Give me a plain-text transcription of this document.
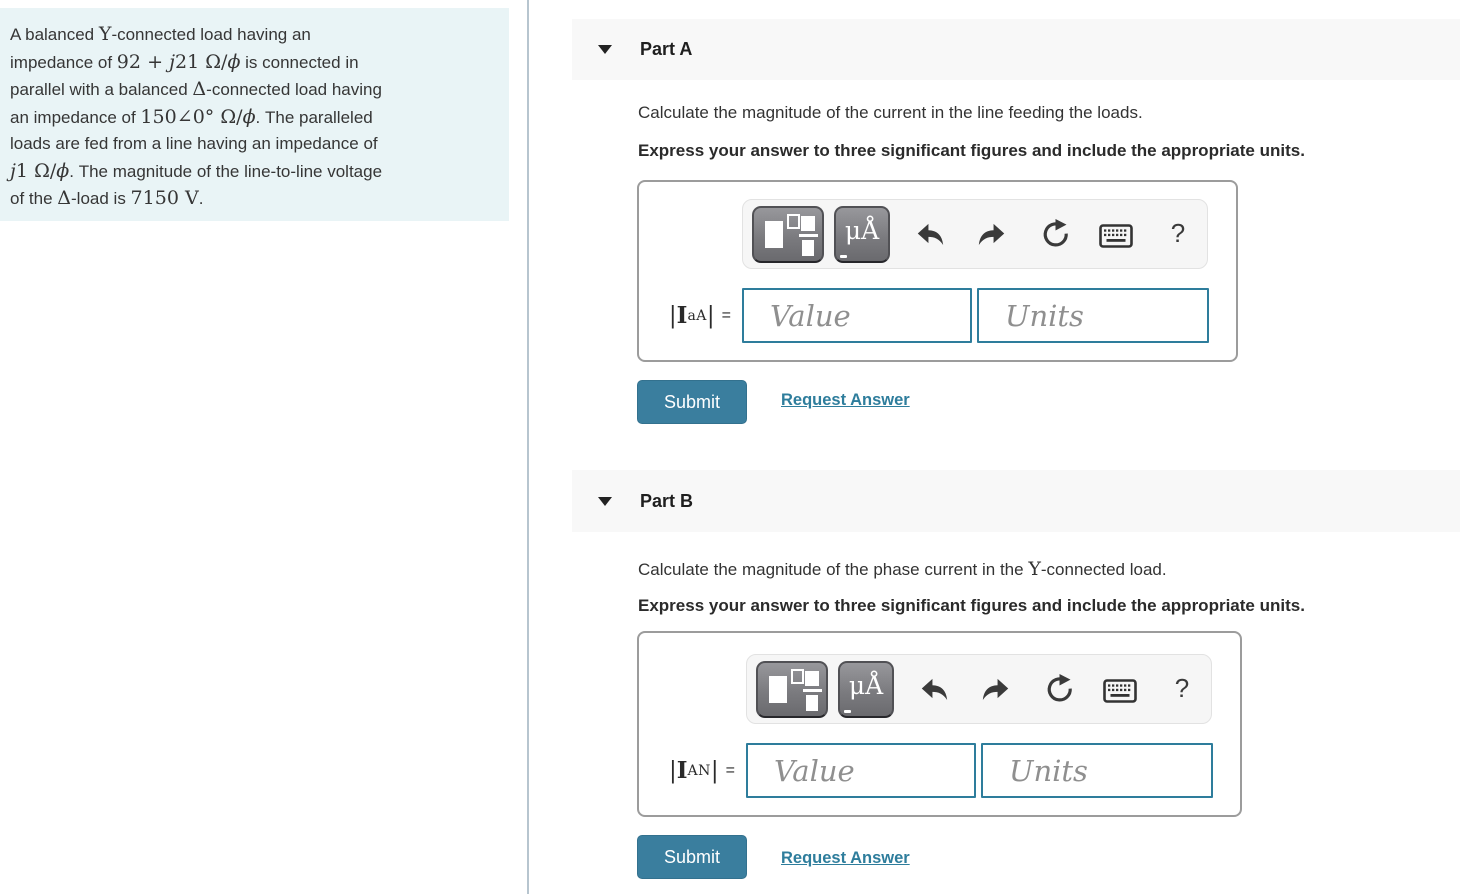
A balanced Y-connected load having an
impedance of 92 + j21 Ω/ϕ is connected in
parallel with a balanced Δ-connected load having
an impedance of 150∠0° Ω/ϕ. The paralleled
loads are fed from a line having an impedance of
j1 Ω/ϕ. The magnitude of the line-to-line voltage
of the Δ-load is 7150 V.
Part A
Calculate the magnitude of the current in the line feeding the loads.
Express your answer to three significant figures and include the appropriate units.
μÅ	?
| I aA | =
Value
Units
Submit	Request Answer
Part B
Calculate the magnitude of the phase current in the Y-connected load.
Express your answer to three significant figures and include the appropriate units.
μÅ	?
| I AN | =
Value
Units
Submit	Request Answer
